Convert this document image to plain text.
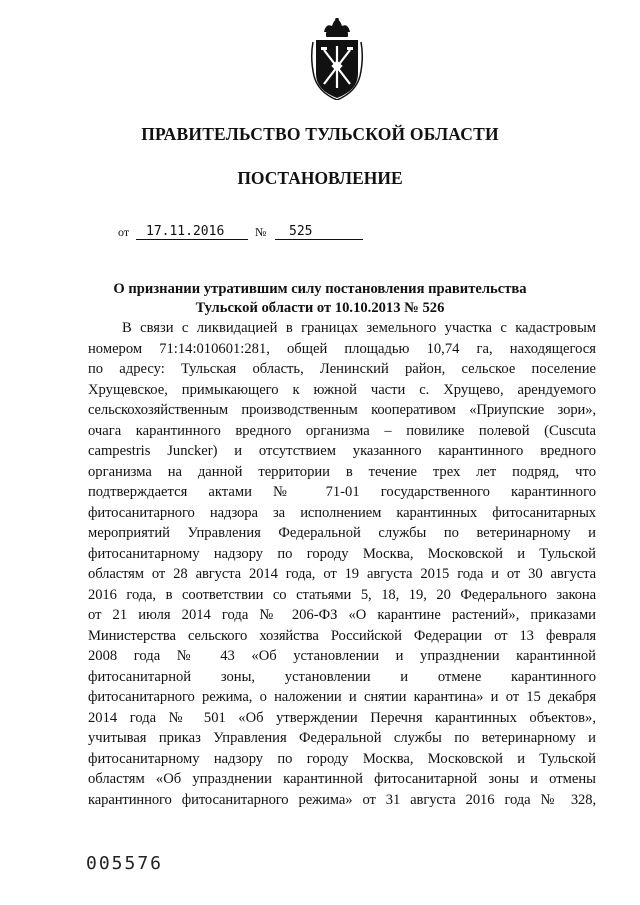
ПРАВИТЕЛЬСТВО ТУЛЬСКОЙ ОБЛАСТИ
ПОСТАНОВЛЕНИЕ
от 17.11.2016	№ 525
О признании утратившим силу постановления правительства
Тульской области от 10.10.2013 № 526
В связи с ликвидацией в границах земельного участка с кадастровым
номером 71:14:010601:281, общей площадью 10,74 га, находящегося
по адресу: Тульская область, Ленинский район, сельское поселение
Хрущевское, примыкающего к южной части с. Хрущево, арендуемого
сельскохозяйственным производственным кооперативом «Приупские зори»,
очага карантинного вредного организма – повилике полевой (Cuscuta
campestris Juncker) и отсутствием указанного карантинного вредного
организма на данной территории в течение трех лет подряд, что
подтверждается актами № 71-01 государственного карантинного
фитосанитарного надзора за исполнением карантинных фитосанитарных
мероприятий Управления Федеральной службы по ветеринарному и
фитосанитарному надзору по городу Москва, Московской и Тульской
областям от 28 августа 2014 года, от 19 августа 2015 года и от 30 августа
2016 года, в соответствии со статьями 5, 18, 19, 20 Федерального закона
от 21 июля 2014 года № 206-ФЗ «О карантине растений», приказами
Министерства сельского хозяйства Российской Федерации от 13 февраля
2008 года № 43 «Об установлении и упразднении карантинной
фитосанитарной зоны, установлении и отмене карантинного
фитосанитарного режима, о наложении и снятии карантина» и от 15 декабря
2014 года № 501 «Об утверждении Перечня карантинных объектов»,
учитывая приказ Управления Федеральной службы по ветеринарному и
фитосанитарному надзору по городу Москва, Московской и Тульской
областям «Об упразднении карантинной фитосанитарной зоны и отмены
карантинного фитосанитарного режима» от 31 августа 2016 года № 328,
005576
